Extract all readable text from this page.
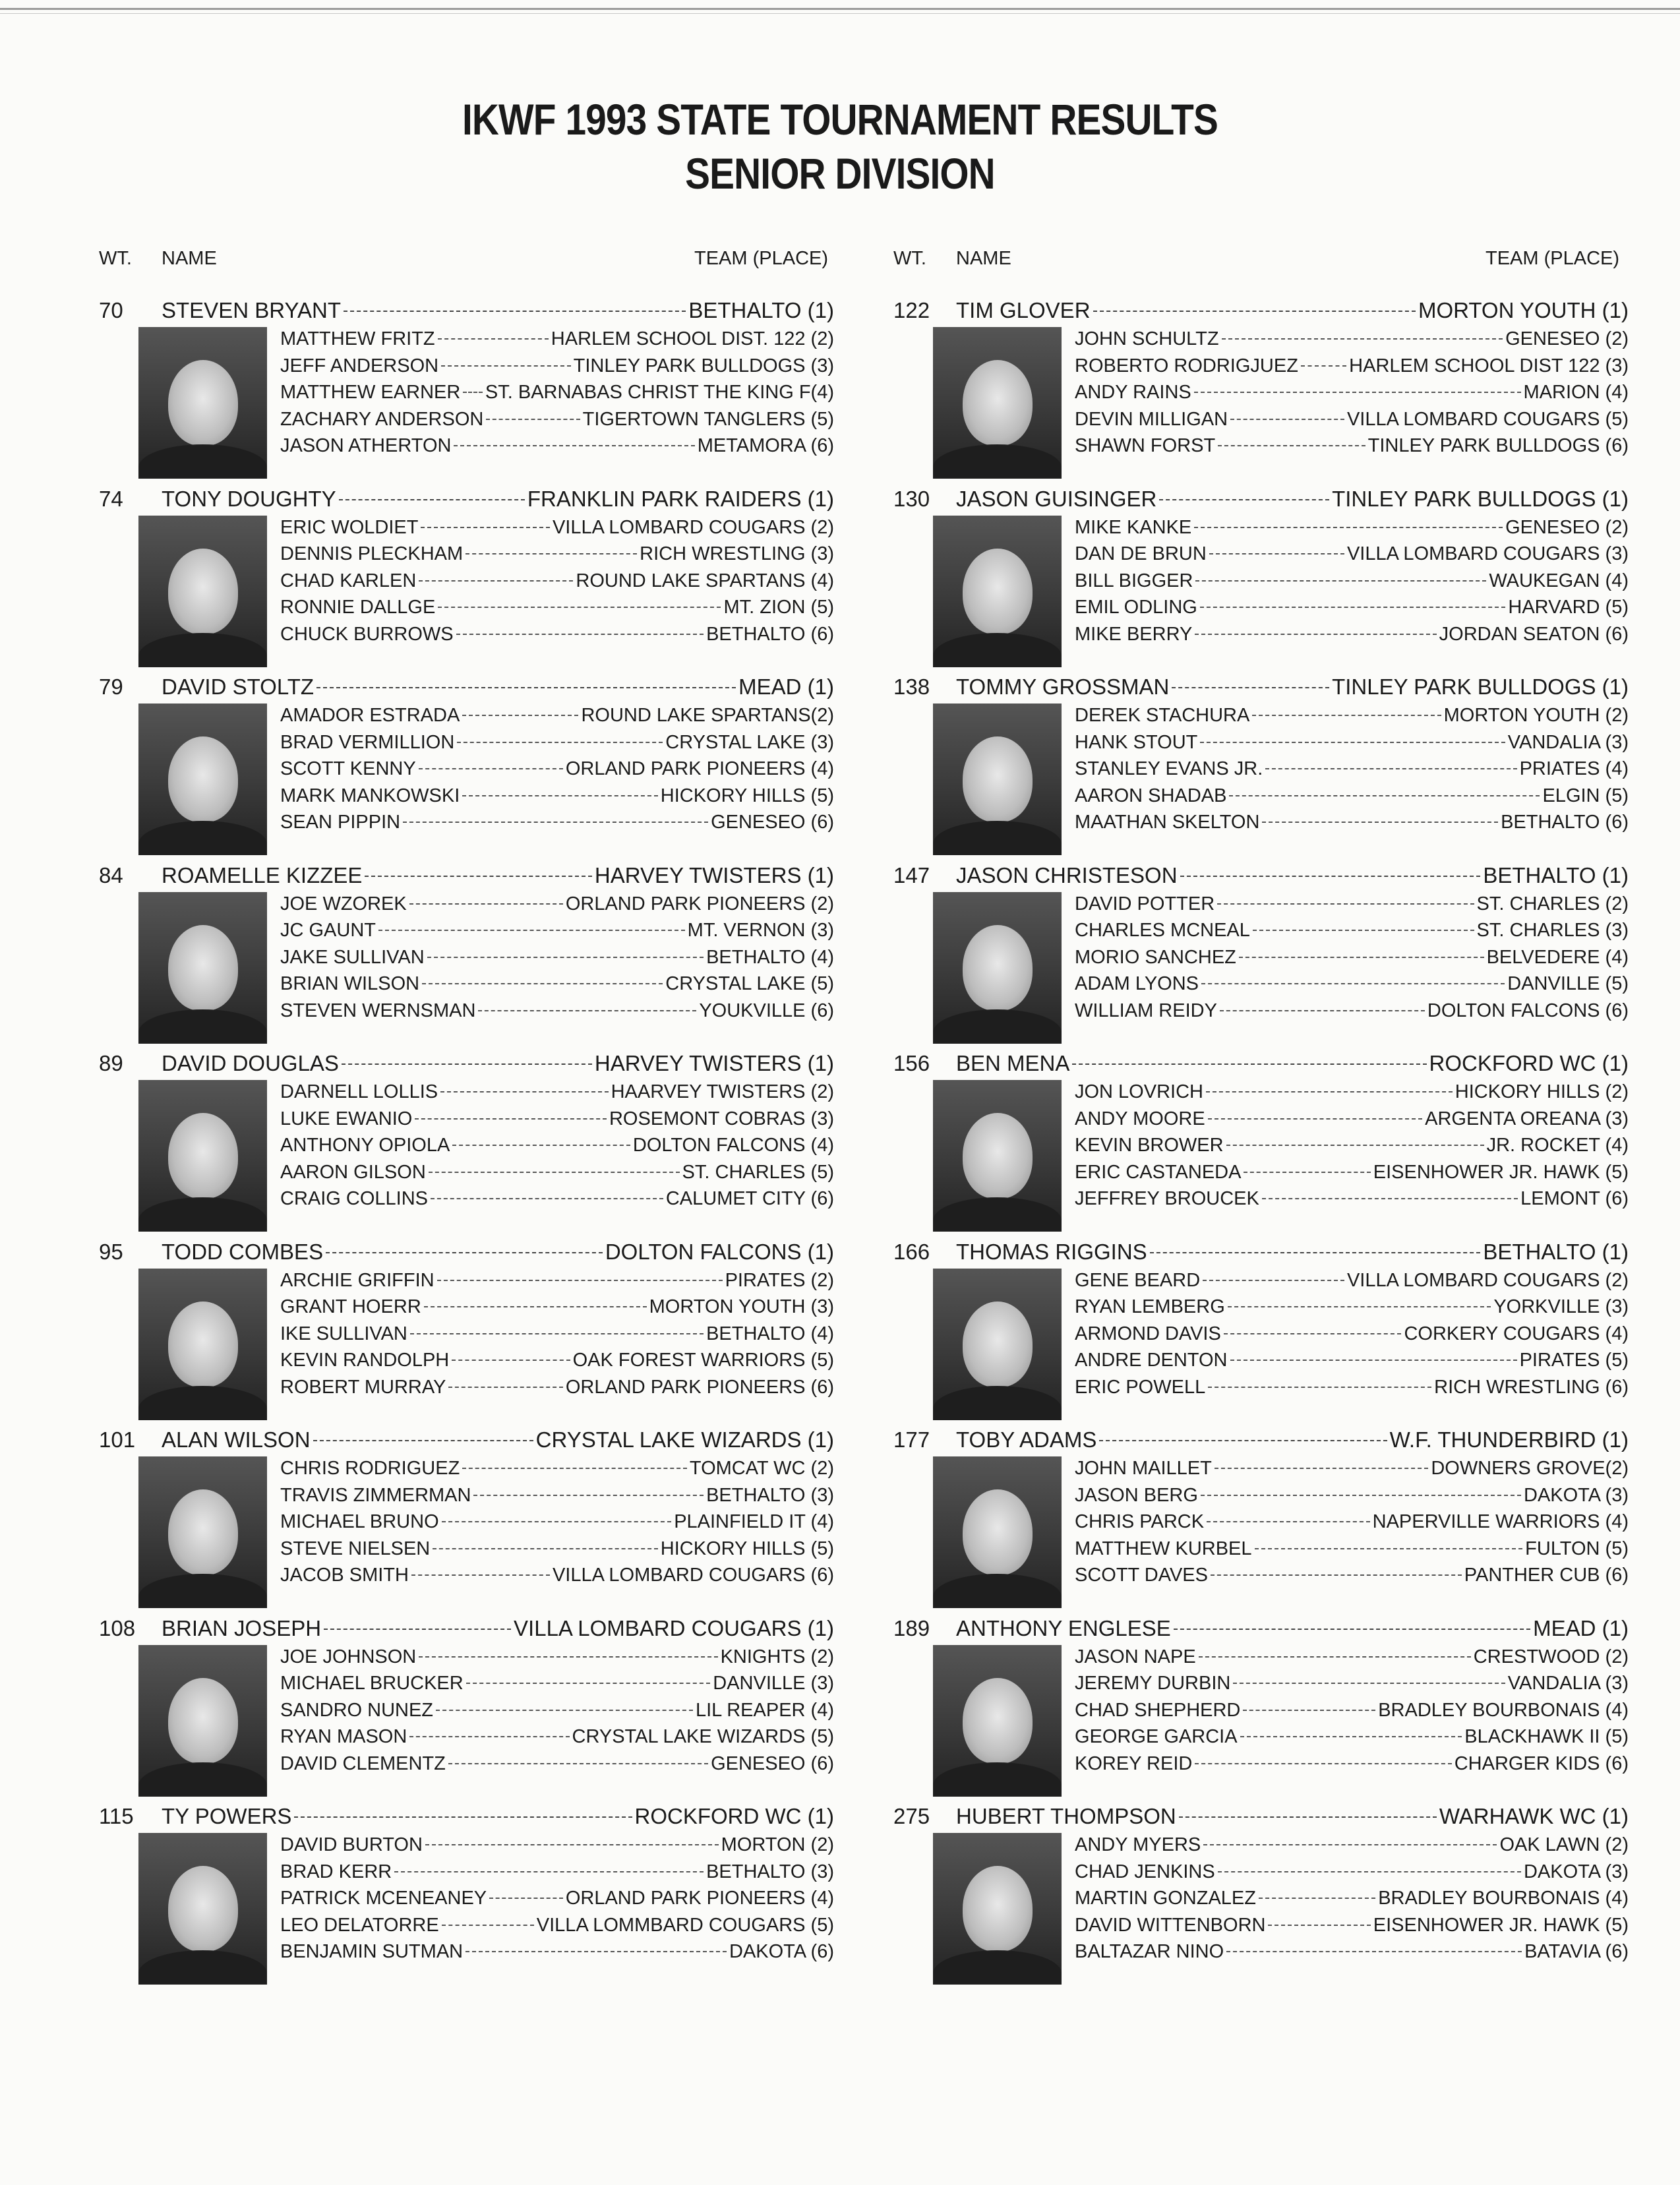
IKWF 1993 STATE TOURNAMENT RESULTS
SENIOR DIVISION
WT. NAME	TEAM (PLACE)	WT. NAME	TEAM (PLACE)
70	STEVEN BRYANT	BETHALTO (1)
MATTHEW FRITZ	HARLEM SCHOOL DIST. 122 (2)
JEFF ANDERSON	TINLEY PARK BULLDOGS (3)
MATTHEW EARNER ST. BARNABAS CHRIST THE KING F(4)
ZACHARY ANDERSON	TIGERTOWN TANGLERS (5)
JASON ATHERTON	METAMORA (6)
74	TONY DOUGHTY	FRANKLIN PARK RAIDERS (1)
ERIC WOLDIET	VILLA LOMBARD COUGARS (2)
DENNIS PLECKHAM	RICH WRESTLING (3)
CHAD KARLEN	ROUND LAKE SPARTANS (4)
RONNIE DALLGE	MT. ZION (5)
CHUCK BURROWS	BETHALTO (6)
79	DAVID STOLTZ	MEAD (1)
AMADOR ESTRADA	ROUND LAKE SPARTANS(2)
BRAD VERMILLION	CRYSTAL LAKE (3)
SCOTT KENNY	ORLAND PARK PIONEERS (4)
MARK MANKOWSKI	HICKORY HILLS (5)
SEAN PIPPIN	GENESEO (6)
84	ROAMELLE KIZZEE	HARVEY TWISTERS (1)
JOE WZOREK	ORLAND PARK PIONEERS (2)
JC GAUNT	MT. VERNON (3)
JAKE SULLIVAN	BETHALTO (4)
BRIAN WILSON	CRYSTAL LAKE (5)
STEVEN WERNSMAN	YOUKVILLE (6)
89	DAVID DOUGLAS	HARVEY TWISTERS (1)
DARNELL LOLLIS	HAARVEY TWISTERS (2)
LUKE EWANIO	ROSEMONT COBRAS (3)
ANTHONY OPIOLA	DOLTON FALCONS (4)
AARON GILSON	ST. CHARLES (5)
CRAIG COLLINS	CALUMET CITY (6)
95	TODD COMBES	DOLTON FALCONS (1)
ARCHIE GRIFFIN	PIRATES (2)
GRANT HOERR	MORTON YOUTH (3)
IKE SULLIVAN	BETHALTO (4)
KEVIN RANDOLPH	OAK FOREST WARRIORS (5)
ROBERT MURRAY	ORLAND PARK PIONEERS (6)
101	ALAN WILSON	CRYSTAL LAKE WIZARDS (1)
CHRIS RODRIGUEZ	TOMCAT WC (2)
TRAVIS ZIMMERMAN	BETHALTO (3)
MICHAEL BRUNO	PLAINFIELD IT (4)
STEVE NIELSEN	HICKORY HILLS (5)
JACOB SMITH	VILLA LOMBARD COUGARS (6)
108	BRIAN JOSEPH	VILLA LOMBARD COUGARS (1)
JOE JOHNSON	KNIGHTS (2)
MICHAEL BRUCKER	DANVILLE (3)
SANDRO NUNEZ	LIL REAPER (4)
RYAN MASON	CRYSTAL LAKE WIZARDS (5)
DAVID CLEMENTZ	GENESEO (6)
115	TY POWERS	ROCKFORD WC (1)
DAVID BURTON	MORTON (2)
BRAD KERR	BETHALTO (3)
PATRICK MCENEANEY	ORLAND PARK PIONEERS (4)
LEO DELATORRE	VILLA LOMMBARD COUGARS (5)
BENJAMIN SUTMAN	DAKOTA (6)
122	TIM GLOVER	MORTON YOUTH (1)
JOHN SCHULTZ	GENESEO (2)
ROBERTO RODRIGJUEZ	HARLEM SCHOOL DIST 122 (3)
ANDY RAINS	MARION (4)
DEVIN MILLIGAN	VILLA LOMBARD COUGARS (5)
SHAWN FORST	TINLEY PARK BULLDOGS (6)
130	JASON GUISINGER	TINLEY PARK BULLDOGS (1)
MIKE KANKE	GENESEO (2)
DAN DE BRUN	VILLA LOMBARD COUGARS (3)
BILL BIGGER	WAUKEGAN (4)
EMIL ODLING	HARVARD (5)
MIKE BERRY	JORDAN SEATON (6)
138	TOMMY GROSSMAN	TINLEY PARK BULLDOGS (1)
DEREK STACHURA	MORTON YOUTH (2)
HANK STOUT	VANDALIA (3)
STANLEY EVANS JR.	PRIATES (4)
AARON SHADAB	ELGIN (5)
MAATHAN SKELTON	BETHALTO (6)
147	JASON CHRISTESON	BETHALTO (1)
DAVID POTTER	ST. CHARLES (2)
CHARLES MCNEAL	ST. CHARLES (3)
MORIO SANCHEZ	BELVEDERE (4)
ADAM LYONS	DANVILLE (5)
WILLIAM REIDY	DOLTON FALCONS (6)
156	BEN MENA	ROCKFORD WC (1)
JON LOVRICH	HICKORY HILLS (2)
ANDY MOORE	ARGENTA OREANA (3)
KEVIN BROWER	JR. ROCKET (4)
ERIC CASTANEDA	EISENHOWER JR. HAWK (5)
JEFFREY BROUCEK	LEMONT (6)
166	THOMAS RIGGINS	BETHALTO (1)
GENE BEARD	VILLA LOMBARD COUGARS (2)
RYAN LEMBERG	YORKVILLE (3)
ARMOND DAVIS	CORKERY COUGARS (4)
ANDRE DENTON	PIRATES (5)
ERIC POWELL	RICH WRESTLING (6)
177	TOBY ADAMS	W.F. THUNDERBIRD (1)
JOHN MAILLET	DOWNERS GROVE(2)
JASON BERG	DAKOTA (3)
CHRIS PARCK	NAPERVILLE WARRIORS (4)
MATTHEW KURBEL	FULTON (5)
SCOTT DAVES	PANTHER CUB (6)
189	ANTHONY ENGLESE	MEAD (1)
JASON NAPE	CRESTWOOD (2)
JEREMY DURBIN	VANDALIA (3)
CHAD SHEPHERD	BRADLEY BOURBONAIS (4)
GEORGE GARCIA	BLACKHAWK II (5)
KOREY REID	CHARGER KIDS (6)
275	HUBERT THOMPSON	WARHAWK WC (1)
ANDY MYERS	OAK LAWN (2)
CHAD JENKINS	DAKOTA (3)
MARTIN GONZALEZ	BRADLEY BOURBONAIS (4)
DAVID WITTENBORN	EISENHOWER JR. HAWK (5)
BALTAZAR NINO	BATAVIA (6)
